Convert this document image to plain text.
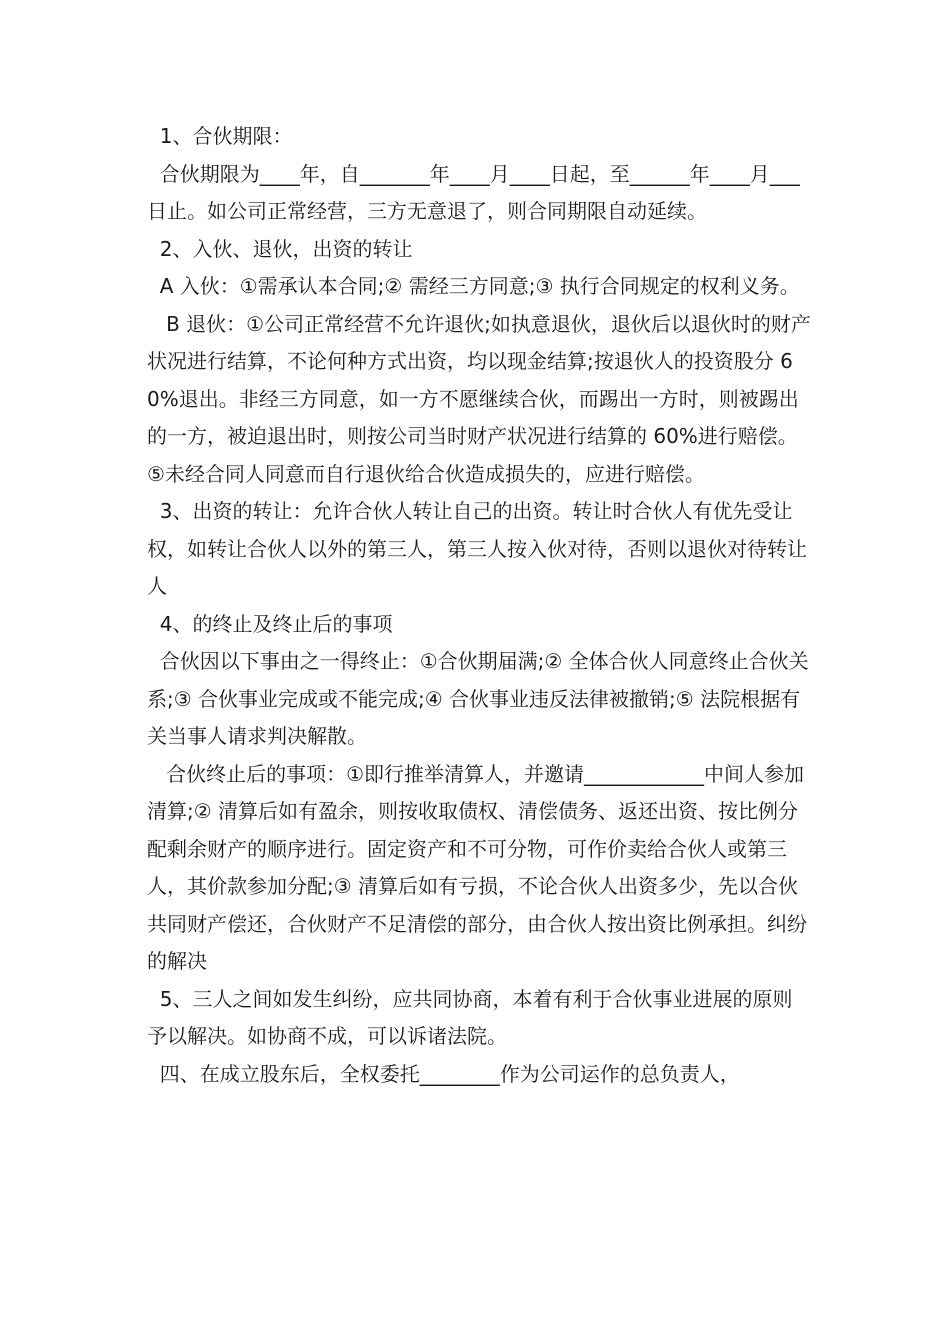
1、合伙期限：

合伙期限为____年，自_______年____月____日起，至______年____月___日止。如公司正常经营，三方无意退了，则合同期限自动延续。

2、入伙、退伙，出资的转让

A 入伙：①需承认本合同;② 需经三方同意;③ 执行合同规定的权利义务。

B 退伙：①公司正常经营不允许退伙;如执意退伙，退伙后以退伙时的财产状况进行结算，不论何种方式出资，均以现金结算;按退伙人的投资股分 60%退出。非经三方同意，如一方不愿继续合伙，而踢出一方时，则被踢出的一方，被迫退出时，则按公司当时财产状况进行结算的 60%进行赔偿。⑤未经合同人同意而自行退伙给合伙造成损失的，应进行赔偿。

3、出资的转让：允许合伙人转让自己的出资。转让时合伙人有优先受让权，如转让合伙人以外的第三人，第三人按入伙对待，否则以退伙对待转让人

4、的终止及终止后的事项

合伙因以下事由之一得终止：①合伙期届满;② 全体合伙人同意终止合伙关系;③ 合伙事业完成或不能完成;④ 合伙事业违反法律被撤销;⑤ 法院根据有关当事人请求判决解散。

合伙终止后的事项：①即行推举清算人，并邀请____________中间人参加清算;② 清算后如有盈余，则按收取债权、清偿债务、返还出资、按比例分配剩余财产的顺序进行。固定资产和不可分物，可作价卖给合伙人或第三人，其价款参加分配;③ 清算后如有亏损，不论合伙人出资多少，先以合伙共同财产偿还，合伙财产不足清偿的部分，由合伙人按出资比例承担。纠纷的解决

5、三人之间如发生纠纷，应共同协商，本着有利于合伙事业进展的原则予以解决。如协商不成，可以诉诸法院。

四、在成立股东后，全权委托________作为公司运作的总负责人，
